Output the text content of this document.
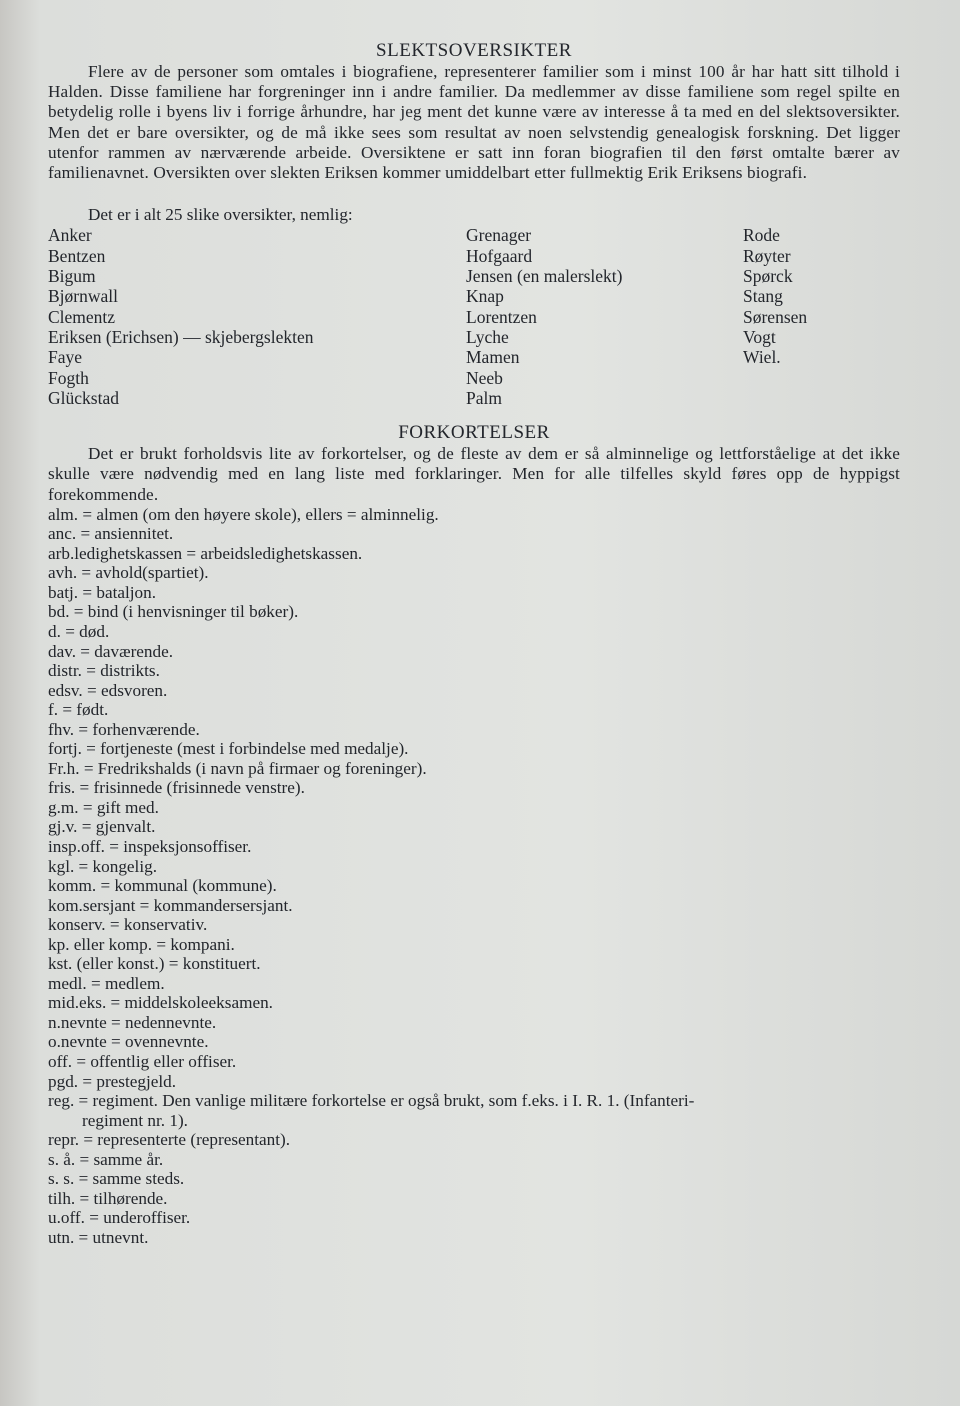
SLEKTSOVERSIKTER

Flere av de personer som omtales i biografiene, representerer familier som i minst 100 år har hatt sitt tilhold i Halden. Disse familiene har forgreninger inn i andre familier. Da medlemmer av disse familiene som regel spilte en betydelig rolle i byens liv i forrige århundre, har jeg ment det kunne være av interesse å ta med en del slektsoversikter. Men det er bare oversikter, og de må ikke sees som resultat av noen selvstendig genealogisk forskning. Det ligger utenfor rammen av nærværende arbeide. Oversiktene er satt inn foran biografien til den først omtalte bærer av familienavnet. Oversikten over slekten Eriksen kommer umiddelbart etter fullmektig Erik Eriksens biografi.

Det er i alt 25 slike oversikter, nemlig:
Anker
Bentzen
Bigum
Bjørnwall
Clementz
Eriksen (Erichsen) — skjebergslekten
Faye
Fogth
Glückstad
Grenager
Hofgaard
Jensen (en malerslekt)
Knap
Lorentzen
Lyche
Mamen
Neeb
Palm
Rode
Røyter
Spørck
Stang
Sørensen
Vogt
Wiel.
FORKORTELSER

Det er brukt forholdsvis lite av forkortelser, og de fleste av dem er så alminnelige og lettforståelige at det ikke skulle være nødvendig med en lang liste med forklaringer. Men for alle tilfelles skyld føres opp de hyppigst forekommende.

alm. = almen (om den høyere skole), ellers = alminnelig.
anc. = ansiennitet.
arb.ledighetskassen = arbeidsledighetskassen.
avh. = avhold(spartiet).
batj. = bataljon.
bd. = bind (i henvisninger til bøker).
d. = død.
dav. = daværende.
distr. = distrikts.
edsv. = edsvoren.
f. = født.
fhv. = forhenværende.
fortj. = fortjeneste (mest i forbindelse med medalje).
Fr.h. = Fredrikshalds (i navn på firmaer og foreninger).
fris. = frisinnede (frisinnede venstre).
g.m. = gift med.
gj.v. = gjenvalt.
insp.off. = inspeksjonsoffiser.
kgl. = kongelig.
komm. = kommunal (kommune).
kom.sersjant = kommandersersjant.
konserv. = konservativ.
kp. eller komp. = kompani.
kst. (eller konst.) = konstituert.
medl. = medlem.
mid.eks. = middelskoleeksamen.
n.nevnte = nedennevnte.
o.nevnte = ovennevnte.
off. = offentlig eller offiser.
pgd. = prestegjeld.
reg. = regiment. Den vanlige militære forkortelse er også brukt, som f.eks. i I. R. 1. (Infanteri-
regiment nr. 1).
repr. = representerte (representant).
s. å. = samme år.
s. s. = samme steds.
tilh. = tilhørende.
u.off. = underoffiser.
utn. = utnevnt.
